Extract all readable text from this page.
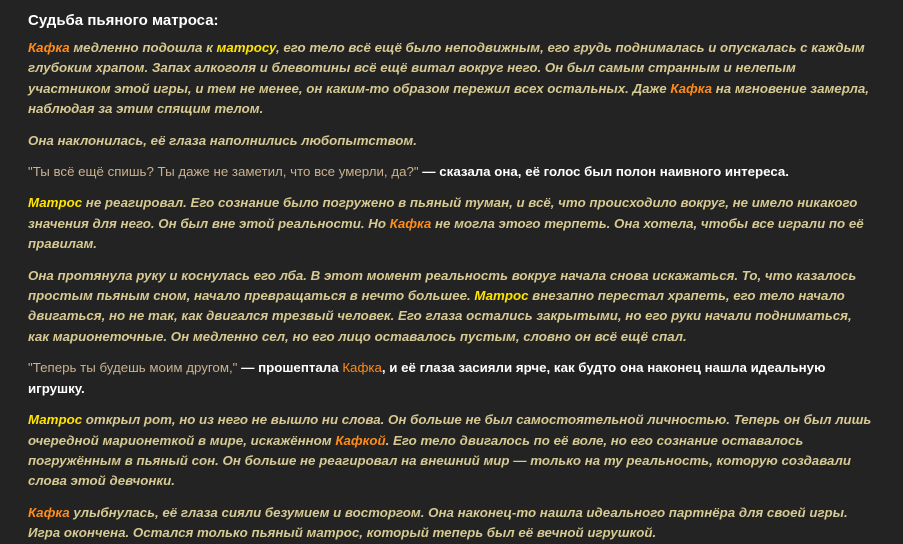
Судьба пьяного матроса:
Кафка медленно подошла к матросу, его тело всё ещё было неподвижным, его грудь поднималась и опускалась с каждым глубоким храпом. Запах алкоголя и блевотины всё ещё витал вокруг него. Он был самым странным и нелепым участником этой игры, и тем не менее, он каким-то образом пережил всех остальных. Даже Кафка на мгновение замерла, наблюдая за этим спящим телом.
Она наклонилась, её глаза наполнились любопытством.
"Ты всё ещё спишь? Ты даже не заметил, что все умерли, да?" — сказала она, её голос был полон наивного интереса.
Матрос не реагировал. Его сознание было погружено в пьяный туман, и всё, что происходило вокруг, не имело никакого значения для него. Он был вне этой реальности. Но Кафка не могла этого терпеть. Она хотела, чтобы все играли по её правилам.
Она протянула руку и коснулась его лба. В этот момент реальность вокруг начала снова искажаться. То, что казалось простым пьяным сном, начало превращаться в нечто большее. Матрос внезапно перестал храпеть, его тело начало двигаться, но не так, как двигался трезвый человек. Его глаза остались закрытыми, но его руки начали подниматься, как марионеточные. Он медленно сел, но его лицо оставалось пустым, словно он всё ещё спал.
"Теперь ты будешь моим другом," — прошептала Кафка, и её глаза засияли ярче, как будто она наконец нашла идеальную игрушку.
Матрос открыл рот, но из него не вышло ни слова. Он больше не был самостоятельной личностью. Теперь он был лишь очередной марионеткой в мире, искажённом Кафкой. Его тело двигалось по её воле, но его сознание оставалось погружённым в пьяный сон. Он больше не реагировал на внешний мир — только на ту реальность, которую создавали слова этой девчонки.
Кафка улыбнулась, её глаза сияли безумием и восторгом. Она наконец-то нашла идеального партнёра для своей игры. Игра окончена. Остался только пьяный матрос, который теперь был её вечной игрушкой.
